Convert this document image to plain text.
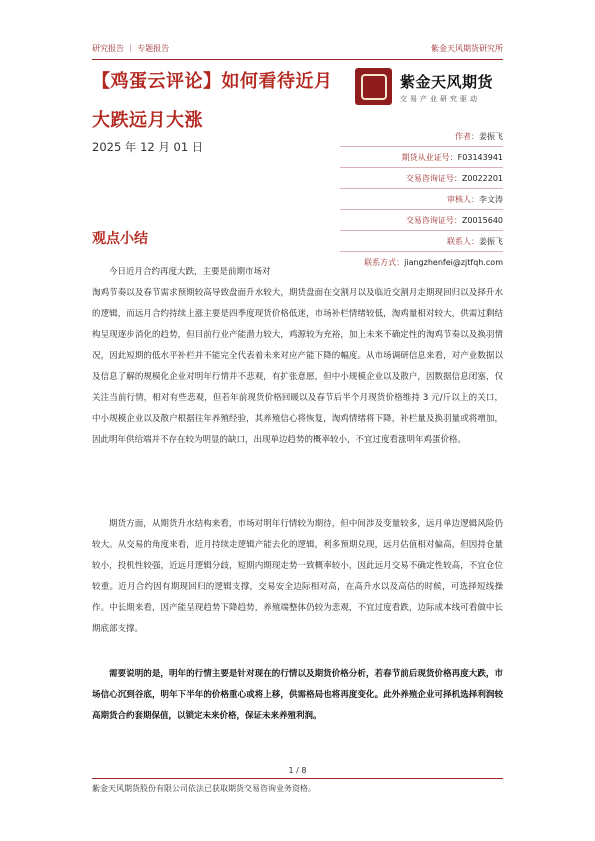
研究报告 ｜ 专题报告	紫金天风期货研究所
【鸡蛋云评论】如何看待近月
大跌远月大涨
2025 年 12 月 01 日
紫金天风期货
交易产业研究驱动
作者：姜振飞
期货从业证号：F03143941
交易咨询证号：Z0022201
审核人：李文涛
交易咨询证号：Z0015640
联系人：姜振飞
联系方式：jiangzhenfei@zjtfqh.com
观点小结
今日近月合约再度大跌，主要是前期市场对
淘鸡节奏以及春节需求预期较高导致盘面升水较大，期货盘面在交割月以及临近交割月走期现回归以及择升水的逻辑，而远月合约持续上涨主要是四季度现货价格低迷，市场补栏情绪较低，淘鸡量相对较大，供需过剩结构呈现逐步消化的趋势，但目前行业产能潜力较大，鸡源较为充裕，加上未来不确定性的淘鸡节奏以及换羽情况，因此短期的低水平补栏并不能完全代表着未来对应产能下降的幅度。从市场调研信息来看，对产业数据以及信息了解的规模化企业对明年行情并不悲观，有扩张意愿，但中小规模企业以及散户，因数据信息闭塞，仅关注当前行情，相对有些悲观，但若年前现货价格回暖以及春节后半个月现货价格维持 3 元/斤以上的关口，中小规模企业以及散户根据往年养殖经验，其养殖信心将恢复，淘鸡情绪将下降，补栏量及换羽量或将增加，因此明年供给端并不存在较为明显的缺口，出现单边趋势的概率较小，不宜过度看涨明年鸡蛋价格。
期货方面，从期货升水结构来看，市场对明年行情较为期待，但中间涉及变量较多，远月单边逻辑风险仍较大。从交易的角度来看，近月持续走逻辑产能去化的逻辑，利多预期兑现，远月估值相对偏高，但因持仓量较小，投机性较强，近远月逻辑分歧，短期内期现走势一致概率较小，因此远月交易不确定性较高，不宜仓位较重。近月合约因有期现回归的逻辑支撑，交易安全边际相对高，在高升水以及高估的时候，可选择短线操作。中长期来看，因产能呈现趋势下降趋势，养殖端整体仍较为悲观，不宜过度看跌，边际成本线可看做中长期底部支撑。
需要说明的是，明年的行情主要是针对现在的行情以及期货价格分析，若春节前后现货价格再度大跌，市场信心沉到谷底，明年下半年的价格重心或将上移，供需格局也将再度变化。此外养殖企业可择机选择利润较高期货合约套期保值，以锁定未来价格，保证未来养殖利润。
1 / 8
紫金天风期货股份有限公司依法已获取期货交易咨询业务资格。
